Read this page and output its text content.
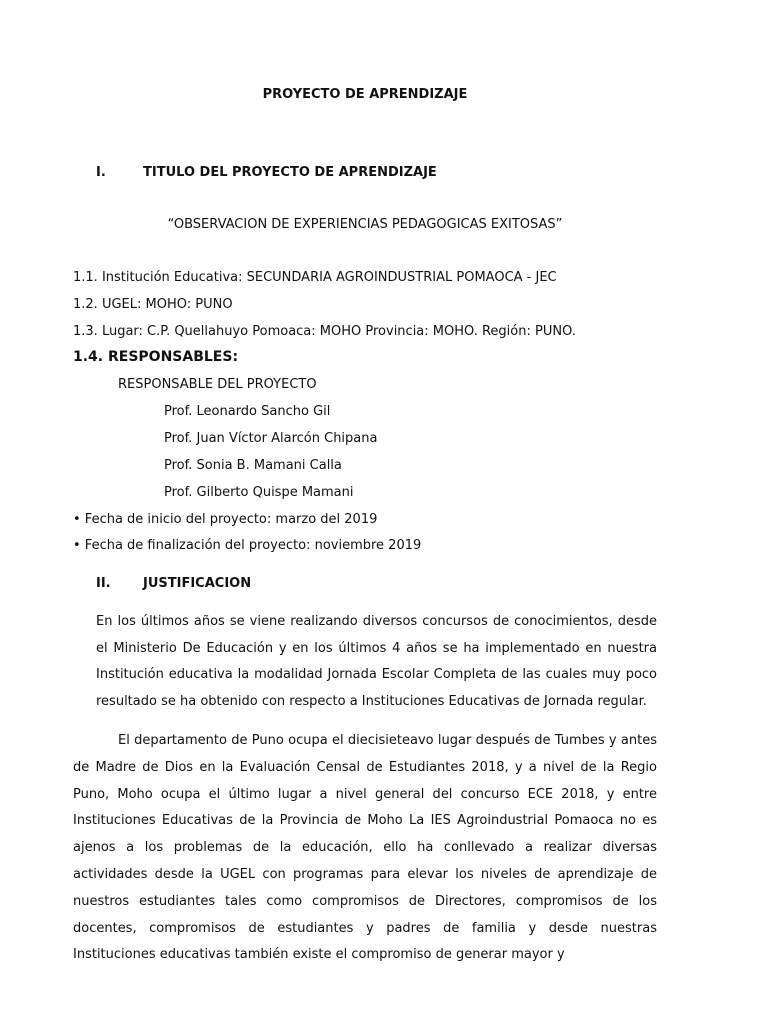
PROYECTO DE APRENDIZAJE
I.	TITULO DEL PROYECTO DE APRENDIZAJE
“OBSERVACION DE EXPERIENCIAS PEDAGOGICAS EXITOSAS”
1.1. Institución Educativa: SECUNDARIA AGROINDUSTRIAL POMAOCA - JEC
1.2. UGEL: MOHO: PUNO
1.3. Lugar: C.P. Quellahuyo Pomoaca: MOHO Provincia: MOHO. Región: PUNO.
1.4. RESPONSABLES:
RESPONSABLE DEL PROYECTO
Prof. Leonardo Sancho Gil
Prof. Juan Víctor Alarcón Chipana
Prof. Sonia B. Mamani Calla
Prof. Gilberto Quispe Mamani
• Fecha de inicio del proyecto: marzo del 2019
• Fecha de finalización del proyecto: noviembre 2019
II. JUSTIFICACION
En los últimos años se viene realizando diversos concursos de conocimientos, desde el Ministerio De Educación y en los últimos 4 años se ha implementado en nuestra Institución educativa la modalidad Jornada Escolar Completa de las cuales muy poco resultado se ha obtenido con respecto a Instituciones Educativas de Jornada regular.
El departamento de Puno ocupa el diecisieteavo lugar después de Tumbes y antes de Madre de Dios en la Evaluación Censal de Estudiantes 2018, y a nivel de la Regio Puno, Moho ocupa el último lugar a nivel general del concurso ECE 2018, y entre Instituciones Educativas de la Provincia de Moho La IES Agroindustrial Pomaoca no es ajenos a los problemas de la educación, ello ha conllevado a realizar diversas actividades desde la UGEL con programas para elevar los niveles de aprendizaje de nuestros estudiantes tales como compromisos de Directores, compromisos de los docentes, compromisos de estudiantes y padres de familia y desde nuestras Instituciones educativas también existe el compromiso de generar mayor y
